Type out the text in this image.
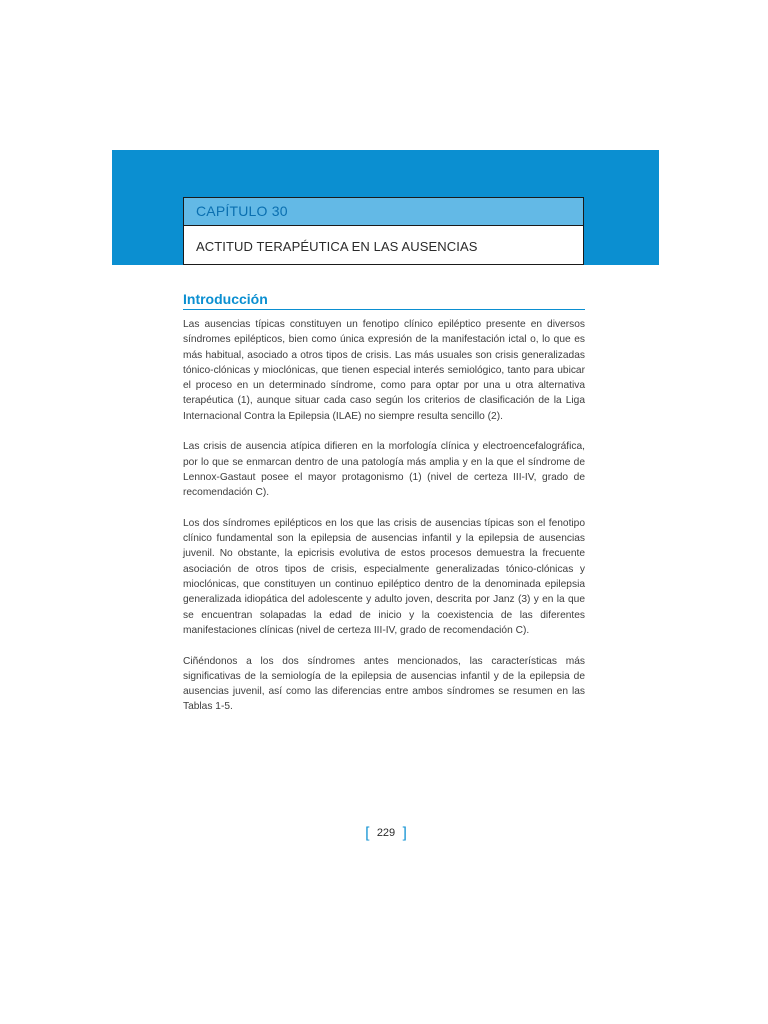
CAPÍTULO 30
ACTITUD TERAPÉUTICA EN LAS AUSENCIAS
Introducción

Las ausencias típicas constituyen un fenotipo clínico epiléptico presente en diversos síndromes epilépticos, bien como única expresión de la manifestación ictal o, lo que es más habitual, asociado a otros tipos de crisis. Las más usuales son crisis generalizadas tónico-clónicas y mioclónicas, que tienen especial interés semiológico, tanto para ubicar el proceso en un determinado síndrome, como para optar por una u otra alternativa terapéutica (1), aunque situar cada caso según los criterios de clasificación de la Liga Internacional Contra la Epilepsia (ILAE) no siempre resulta sencillo (2).

Las crisis de ausencia atípica difieren en la morfología clínica y electroencefalográfica, por lo que se enmarcan dentro de una patología más amplia y en la que el síndrome de Lennox-Gastaut posee el mayor protagonismo (1) (nivel de certeza III-IV, grado de recomendación C).

Los dos síndromes epilépticos en los que las crisis de ausencias típicas son el fenotipo clínico fundamental son la epilepsia de ausencias infantil y la epilepsia de ausencias juvenil. No obstante, la epicrisis evolutiva de estos procesos demuestra la frecuente asociación de otros tipos de crisis, especialmente generalizadas tónico-clónicas y mioclónicas, que constituyen un continuo epiléptico dentro de la denominada epilepsia generalizada idiopática del adolescente y adulto joven, descrita por Janz (3) y en la que se encuentran solapadas la edad de inicio y la coexistencia de las diferentes manifestaciones clínicas (nivel de certeza III-IV, grado de recomendación C).

Ciñéndonos a los dos síndromes antes mencionados, las características más significativas de la semiología de la epilepsia de ausencias infantil y de la epilepsia de ausencias juvenil, así como las diferencias entre ambos síndromes se resumen en las Tablas 1-5.

[ 229 ]
